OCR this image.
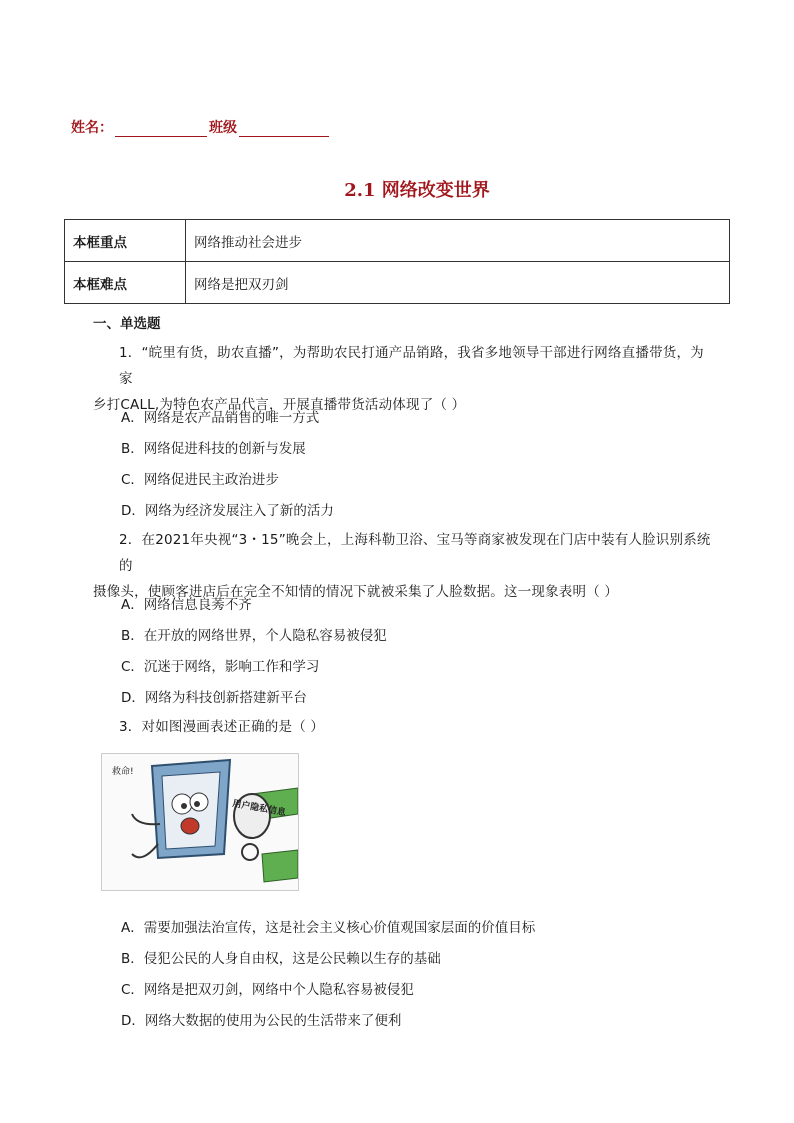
姓名：	班级
2.1 网络改变世界
本框重点	网络推动社会进步
本框难点	网络是把双刃剑
一、单选题
1．“皖里有货，助农直播”，为帮助农民打通产品销路，我省多地领导干部进行网络直播带货，为家
乡打CALL,为特色农产品代言，开展直播带货活动体现了（ ）
A．网络是农产品销售的唯一方式
B．网络促进科技的创新与发展
C．网络促进民主政治进步
D．网络为经济发展注入了新的活力
2．在2021年央视“3・15”晚会上，上海科勒卫浴、宝马等商家被发现在门店中装有人脸识别系统的
摄像头，使顾客进店后在完全不知情的情况下就被采集了人脸数据。这一现象表明（ ）
A．网络信息良莠不齐
B．在开放的网络世界，个人隐私容易被侵犯
C．沉迷于网络，影响工作和学习
D．网络为科技创新搭建新平台
3．对如图漫画表述正确的是（ ）
救命!
用户隐私信息
A．需要加强法治宣传，这是社会主义核心价值观国家层面的价值目标
B．侵犯公民的人身自由权，这是公民赖以生存的基础
C．网络是把双刃剑，网络中个人隐私容易被侵犯
D．网络大数据的使用为公民的生活带来了便利
